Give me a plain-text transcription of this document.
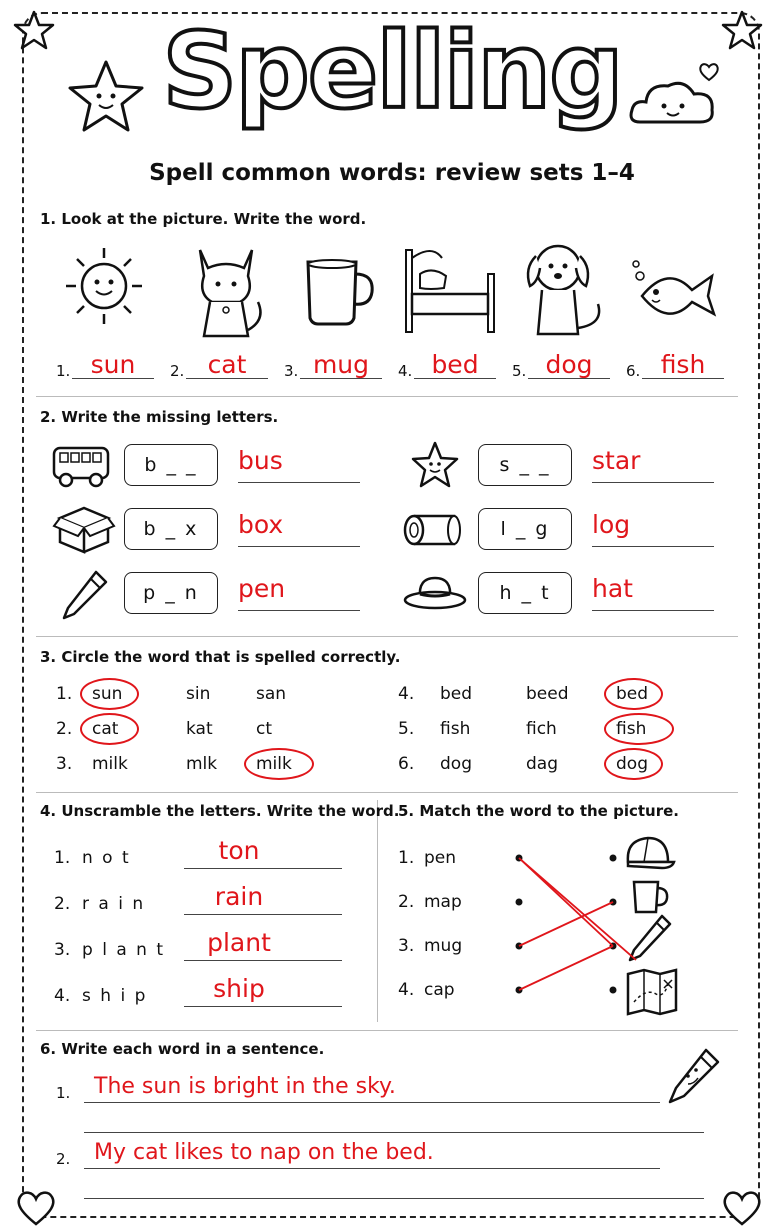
Spelling
Spell common words: review sets 1–4
1. Look at the picture. Write the word.
2. Write the missing letters.
3. Circle the word that is spelled correctly.
4. Unscramble the letters. Write the word.
5. Match the word to the picture.
6. Write each word in a sentence.
1. sun	2. cat	3. mug	4. bed	5. dog	6. fish
b _ _	bus	s _ _	star
b _ x	box	l _ g	log
p _ n	pen	h _ t	hat
1. sun	sin	san
2. cat	kat	ct
3. milk	mlk milk
4. bed	beed	bed
5. fish	fich	fish
6. dog	dag	dog
1. n o t	ton
2. r a i n	rain
3. p l a n t	plant
4. s h i p	ship
1. pen
2. map
3. mug
4. cap
1. The sun is bright in the sky.
2. My cat likes to nap on the bed.
